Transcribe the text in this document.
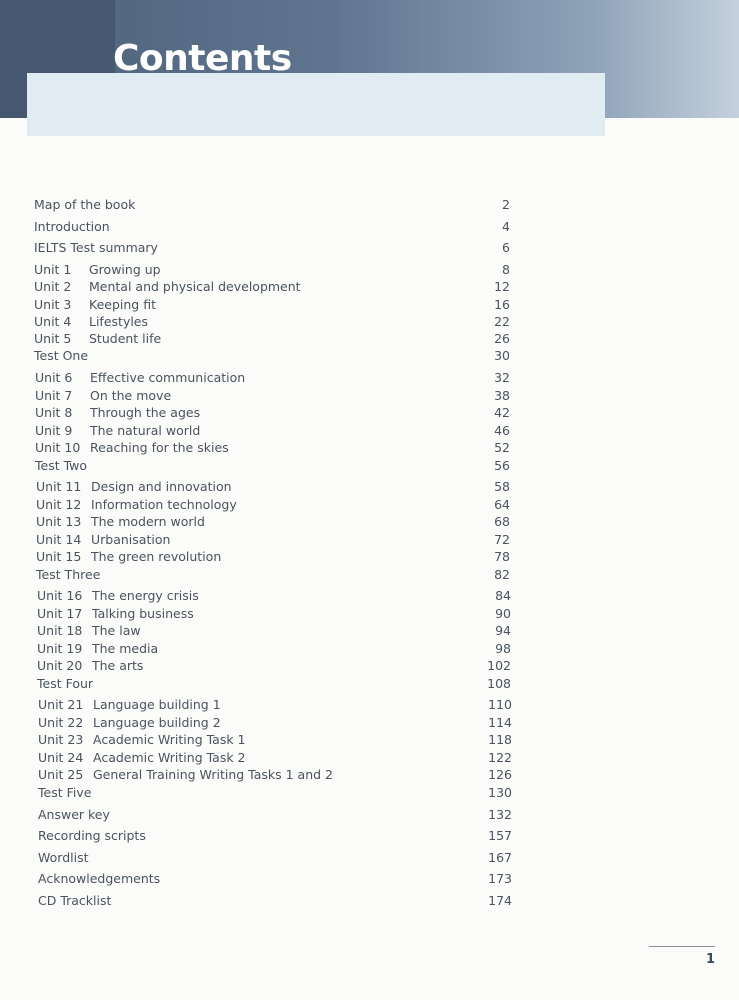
Contents
Map of the book	2
Introduction	4
IELTS Test summary	6
Unit 1 Growing up	8
Unit 2 Mental and physical development	12
Unit 3 Keeping fit	16
Unit 4 Lifestyles	22
Unit 5 Student life	26
Test One	30
Unit 6 Effective communication	32
Unit 7 On the move	38
Unit 8 Through the ages	42
Unit 9 The natural world	46
Unit 10 Reaching for the skies	52
Test Two	56
Unit 11 Design and innovation	58
Unit 12 Information technology	64
Unit 13 The modern world	68
Unit 14 Urbanisation	72
Unit 15 The green revolution	78
Test Three	82
Unit 16 The energy crisis	84
Unit 17 Talking business	90
Unit 18 The law	94
Unit 19 The media	98
Unit 20 The arts	102
Test Four	108
Unit 21 Language building 1	110
Unit 22 Language building 2	114
Unit 23 Academic Writing Task 1	118
Unit 24 Academic Writing Task 2	122
Unit 25 General Training Writing Tasks 1 and 2	126
Test Five	130
Answer key	132
Recording scripts	157
Wordlist	167
Acknowledgements	173
CD Tracklist	174
1
